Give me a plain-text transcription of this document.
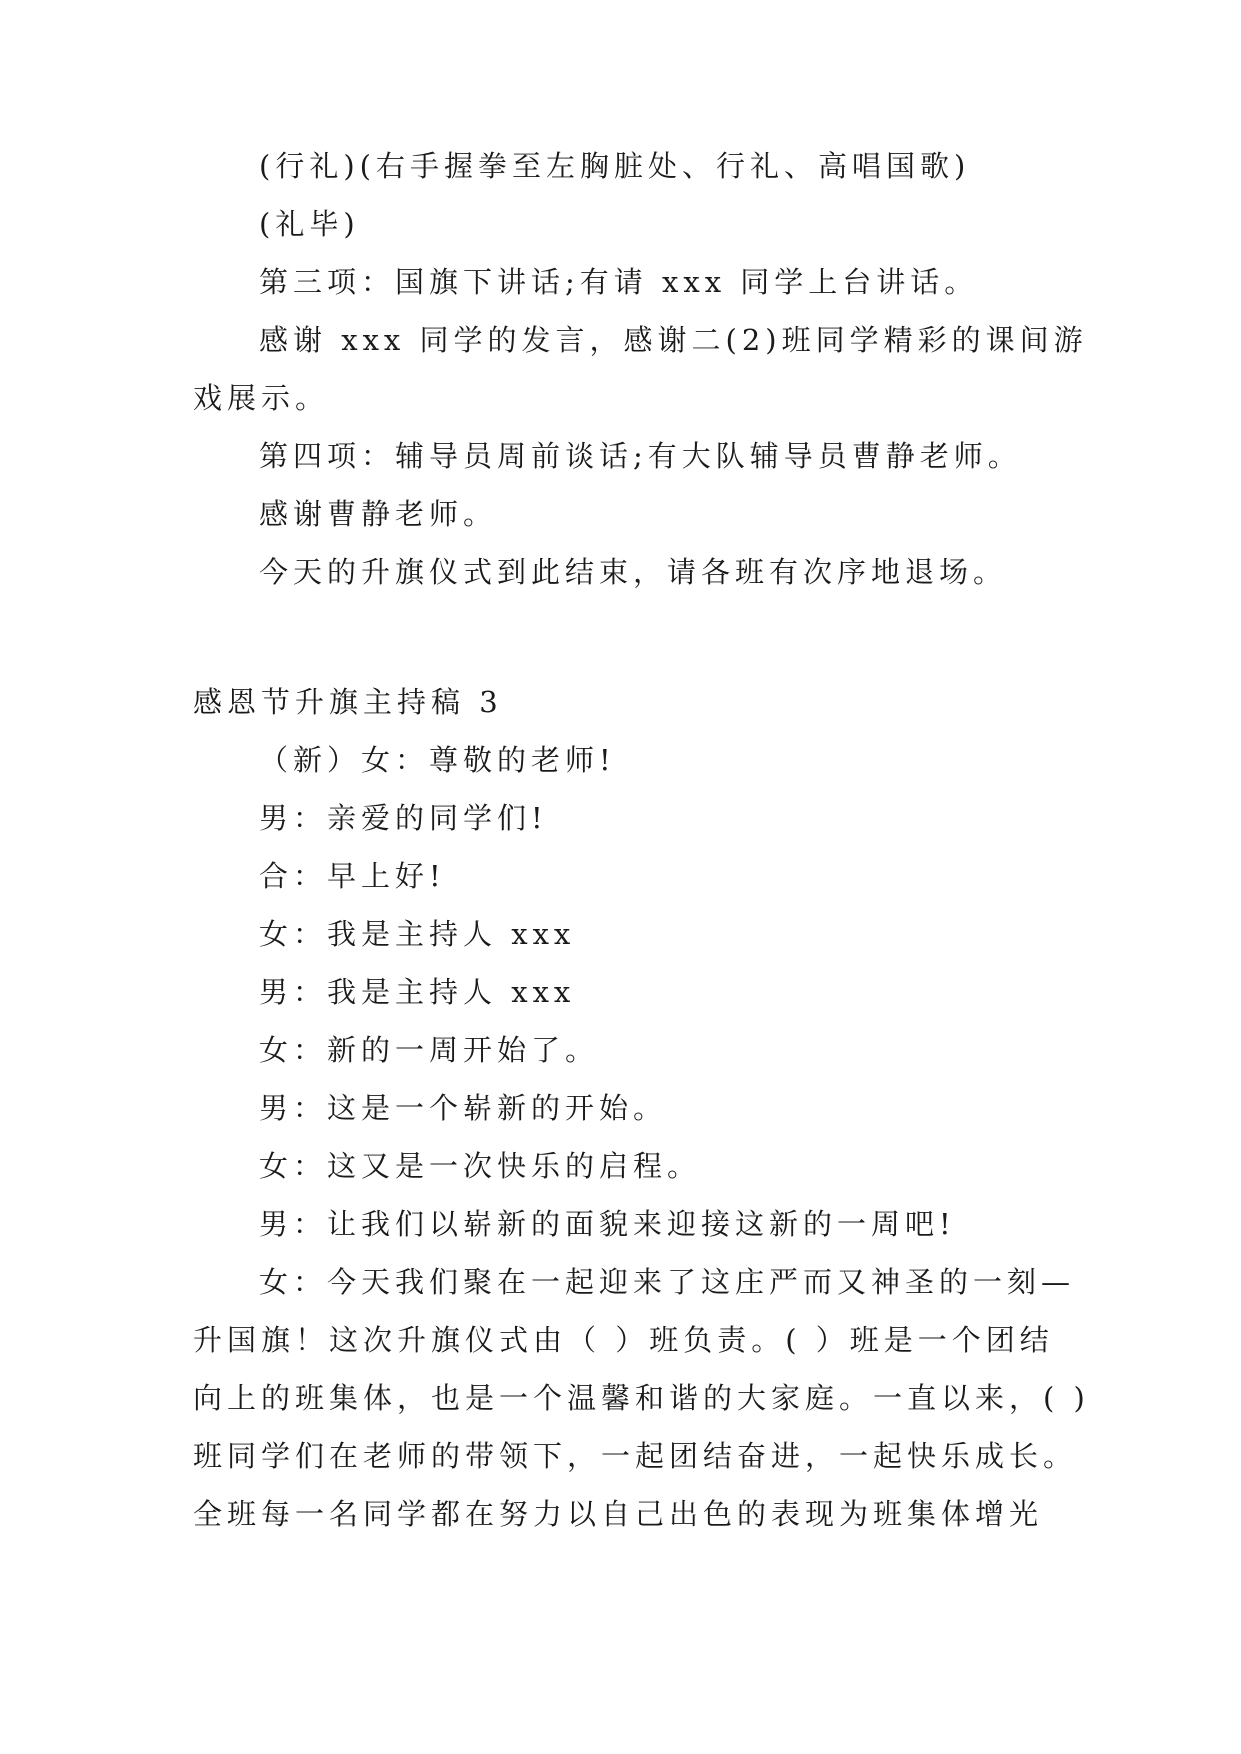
(行礼)(右手握拳至左胸脏处、行礼、高唱国歌)

(礼毕)

第三项：国旗下讲话;有请 xxx 同学上台讲话。

感谢 xxx 同学的发言，感谢二(2)班同学精彩的课间游

戏展示。

第四项：辅导员周前谈话;有大队辅导员曹静老师。

感谢曹静老师。

今天的升旗仪式到此结束，请各班有次序地退场。

感恩节升旗主持稿 3

（新）女：尊敬的老师!

男：亲爱的同学们!

合：早上好!

女：我是主持人 xxx

男：我是主持人 xxx

女：新的一周开始了。

男：这是一个崭新的开始。

女：这又是一次快乐的启程。

男：让我们以崭新的面貌来迎接这新的一周吧!

女：今天我们聚在一起迎来了这庄严而又神圣的一刻—

升国旗！这次升旗仪式由（ ）班负责。( ）班是一个团结

向上的班集体，也是一个温馨和谐的大家庭。一直以来，( )

班同学们在老师的带领下，一起团结奋进，一起快乐成长。

全班每一名同学都在努力以自己出色的表现为班集体增光
